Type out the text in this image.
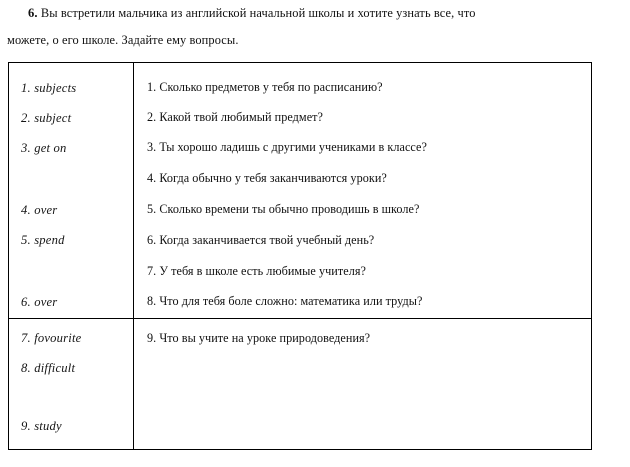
6. Вы встретили мальчика из английской начальной школы и хотите узнать все, что
можете, о его школе. Задайте ему вопросы.
1. subjects
2. subject
3. get on
4. over
5. spend
6. over
1. Сколько предметов у тебя по расписанию?
2. Какой твой любимый предмет?
3. Ты хорошо ладишь с другими учениками в классе?
4. Когда обычно у тебя заканчиваются уроки?
5. Сколько времени ты обычно проводишь в школе?
6. Когда заканчивается твой учебный день?
7. У тебя в школе есть любимые учителя?
8. Что для тебя боле сложно: математика или труды?
7. fovourite
8. difficult
9. study
9. Что вы учите на уроке природоведения?
